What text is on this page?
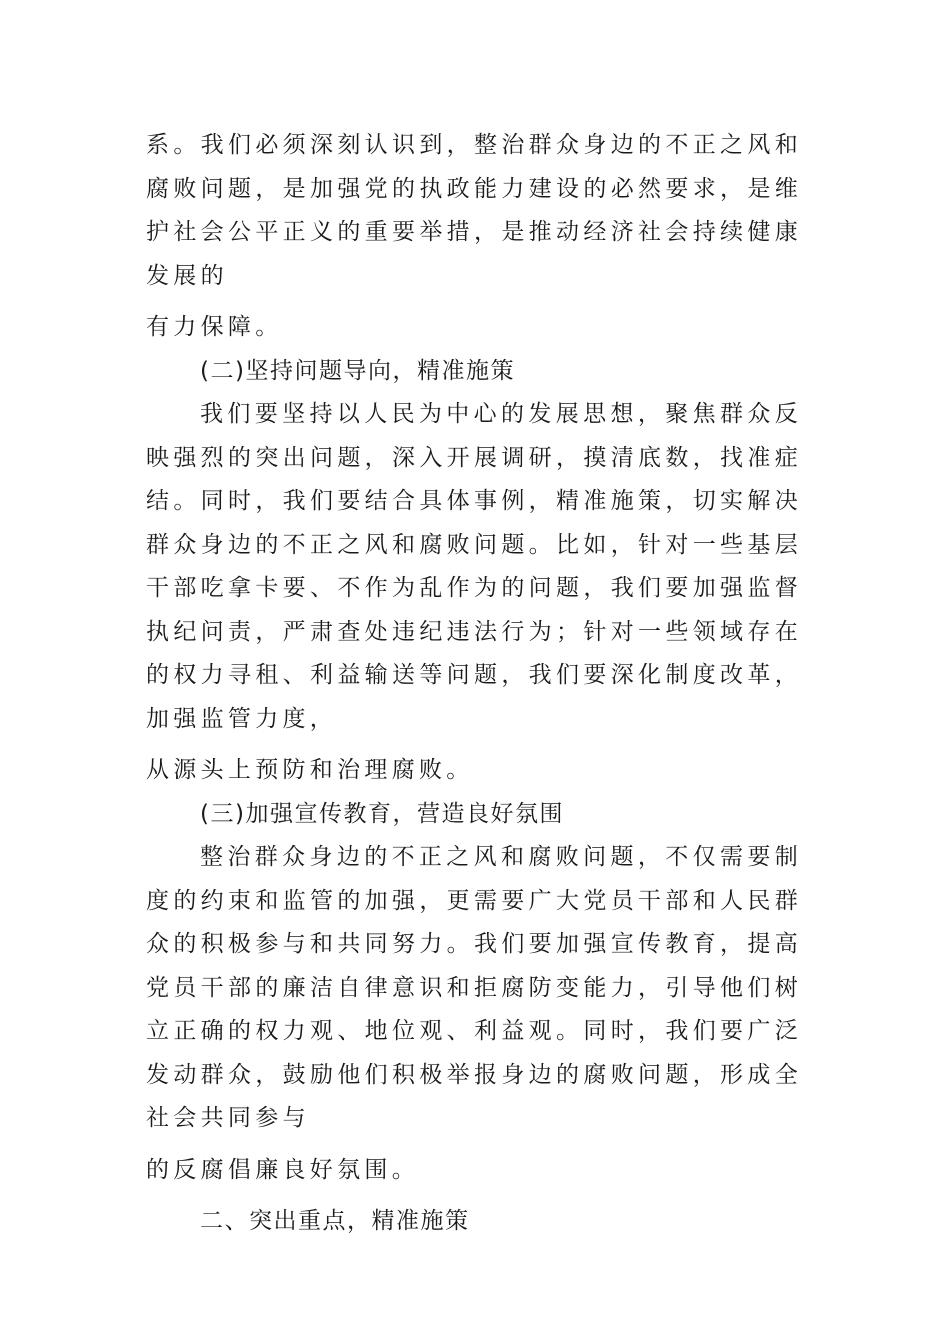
系。我们必须深刻认识到，整治群众身边的不正之风和腐败问题，是加强党的执政能力建设的必然要求，是维护社会公平正义的重要举措，是推动经济社会持续健康发展的

有力保障。

(二)坚持问题导向，精准施策

我们要坚持以人民为中心的发展思想，聚焦群众反映强烈的突出问题，深入开展调研，摸清底数，找准症结。同时，我们要结合具体事例，精准施策，切实解决群众身边的不正之风和腐败问题。比如，针对一些基层干部吃拿卡要、不作为乱作为的问题，我们要加强监督执纪问责，严肃查处违纪违法行为；针对一些领域存在的权力寻租、利益输送等问题，我们要深化制度改革，加强监管力度，

从源头上预防和治理腐败。

(三)加强宣传教育，营造良好氛围

整治群众身边的不正之风和腐败问题，不仅需要制度的约束和监管的加强，更需要广大党员干部和人民群众的积极参与和共同努力。我们要加强宣传教育，提高党员干部的廉洁自律意识和拒腐防变能力，引导他们树立正确的权力观、地位观、利益观。同时，我们要广泛发动群众，鼓励他们积极举报身边的腐败问题，形成全社会共同参与

的反腐倡廉良好氛围。

二、突出重点，精准施策
